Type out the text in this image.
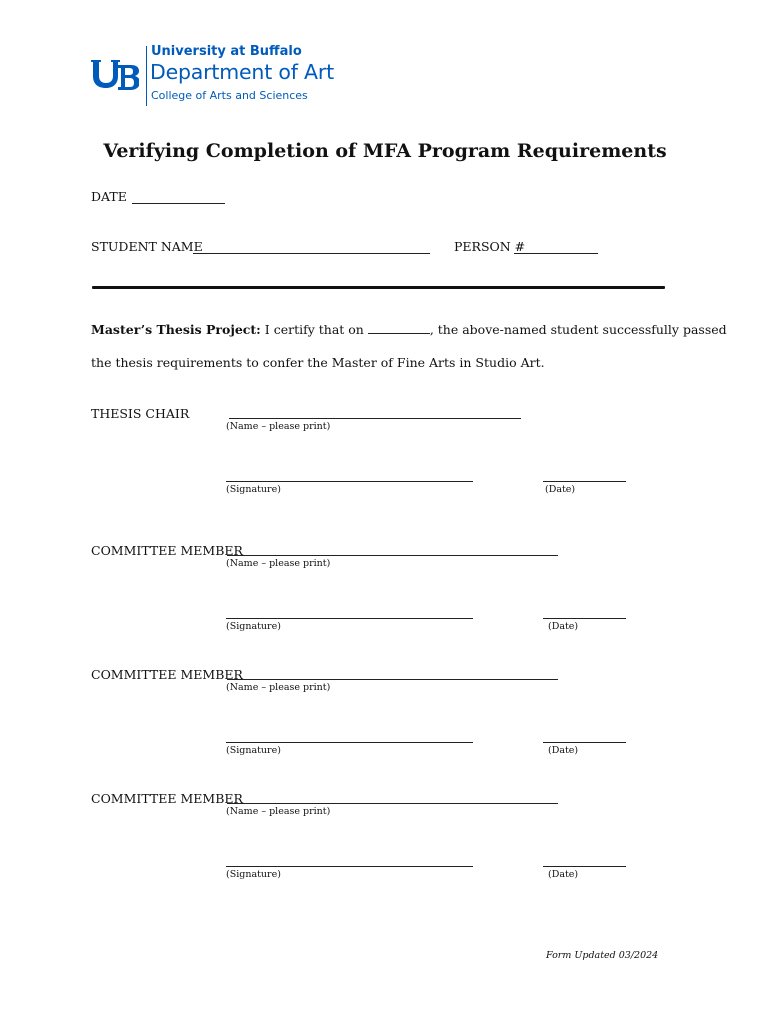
University at Buffalo
Department of Art
College of Arts and Sciences
Verifying Completion of MFA Program Requirements
DATE
STUDENT NAME	PERSON #
Master’s Thesis Project: I certify that on	, the above-named student successfully passed
the thesis requirements to confer the Master of Fine Arts in Studio Art.
THESIS CHAIR
(Name – please print)
(Signature)	(Date)
COMMITTEE MEMBER
(Name – please print)
(Signature)	(Date)
COMMITTEE MEMBER
(Name – please print)
(Signature)	(Date)
COMMITTEE MEMBER
(Name – please print)
(Signature)	(Date)
Form Updated 03/2024
